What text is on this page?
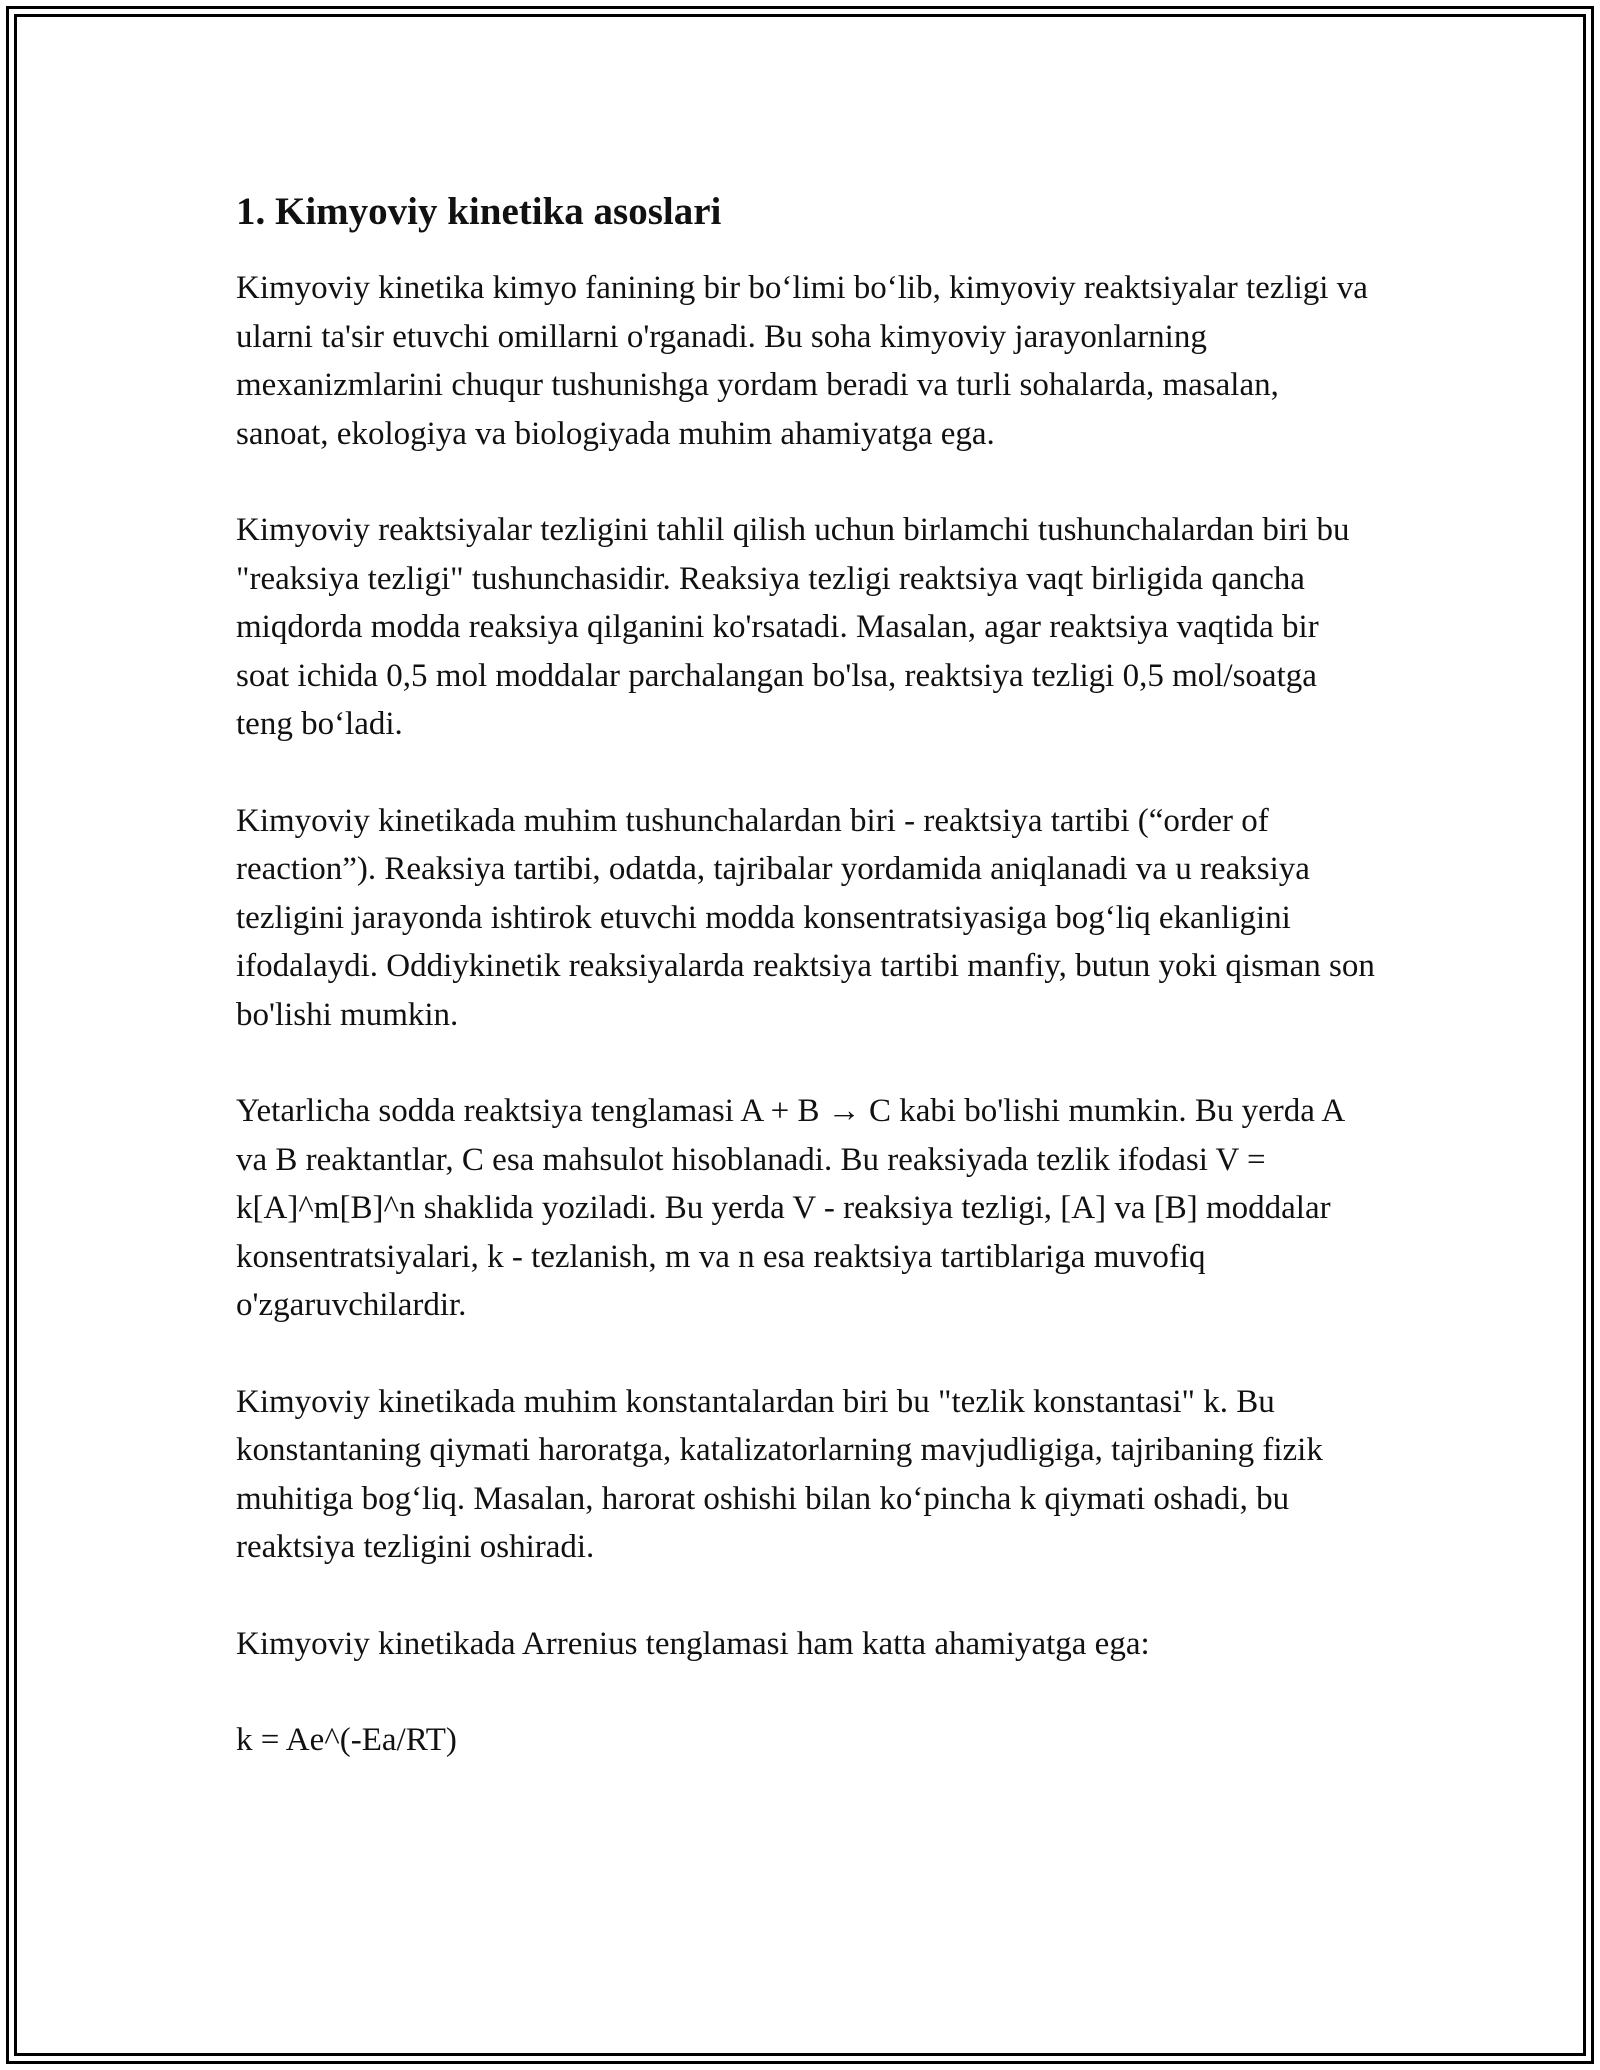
1. Kimyoviy kinetika asoslari

Kimyoviy kinetika kimyo fanining bir bo‘limi bo‘lib, kimyoviy reaktsiyalar tezligi va ularni ta'sir etuvchi omillarni o'rganadi. Bu soha kimyoviy jarayonlarning mexanizmlarini chuqur tushunishga yordam beradi va turli sohalarda, masalan, sanoat, ekologiya va biologiyada muhim ahamiyatga ega.

Kimyoviy reaktsiyalar tezligini tahlil qilish uchun birlamchi tushunchalardan biri bu "reaksiya tezligi" tushunchasidir. Reaksiya tezligi reaktsiya vaqt birligida qancha miqdorda modda reaksiya qilganini ko'rsatadi. Masalan, agar reaktsiya vaqtida bir soat ichida 0,5 mol moddalar parchalangan bo'lsa, reaktsiya tezligi 0,5 mol/soatga teng bo‘ladi.

Kimyoviy kinetikada muhim tushunchalardan biri - reaktsiya tartibi (“order of reaction”). Reaksiya tartibi, odatda, tajribalar yordamida aniqlanadi va u reaksiya tezligini jarayonda ishtirok etuvchi modda konsentratsiyasiga bog‘liq ekanligini ifodalaydi. Oddiykinetik reaksiyalarda reaktsiya tartibi manfiy, butun yoki qisman son bo'lishi mumkin.

Yetarlicha sodda reaktsiya tenglamasi A + B → C kabi bo'lishi mumkin. Bu yerda A va B reaktantlar, C esa mahsulot hisoblanadi. Bu reaksiyada tezlik ifodasi V = k[A]^m[B]^n shaklida yoziladi. Bu yerda V - reaksiya tezligi, [A] va [B] moddalar konsentratsiyalari, k - tezlanish, m va n esa reaktsiya tartiblariga muvofiq o'zgaruvchilardir.

Kimyoviy kinetikada muhim konstantalardan biri bu "tezlik konstantasi" k. Bu konstantaning qiymati haroratga, katalizatorlarning mavjudligiga, tajribaning fizik muhitiga bog‘liq. Masalan, harorat oshishi bilan ko‘pincha k qiymati oshadi, bu reaktsiya tezligini oshiradi.

Kimyoviy kinetikada Arrenius tenglamasi ham katta ahamiyatga ega:

k = Ae^(-Ea/RT)
